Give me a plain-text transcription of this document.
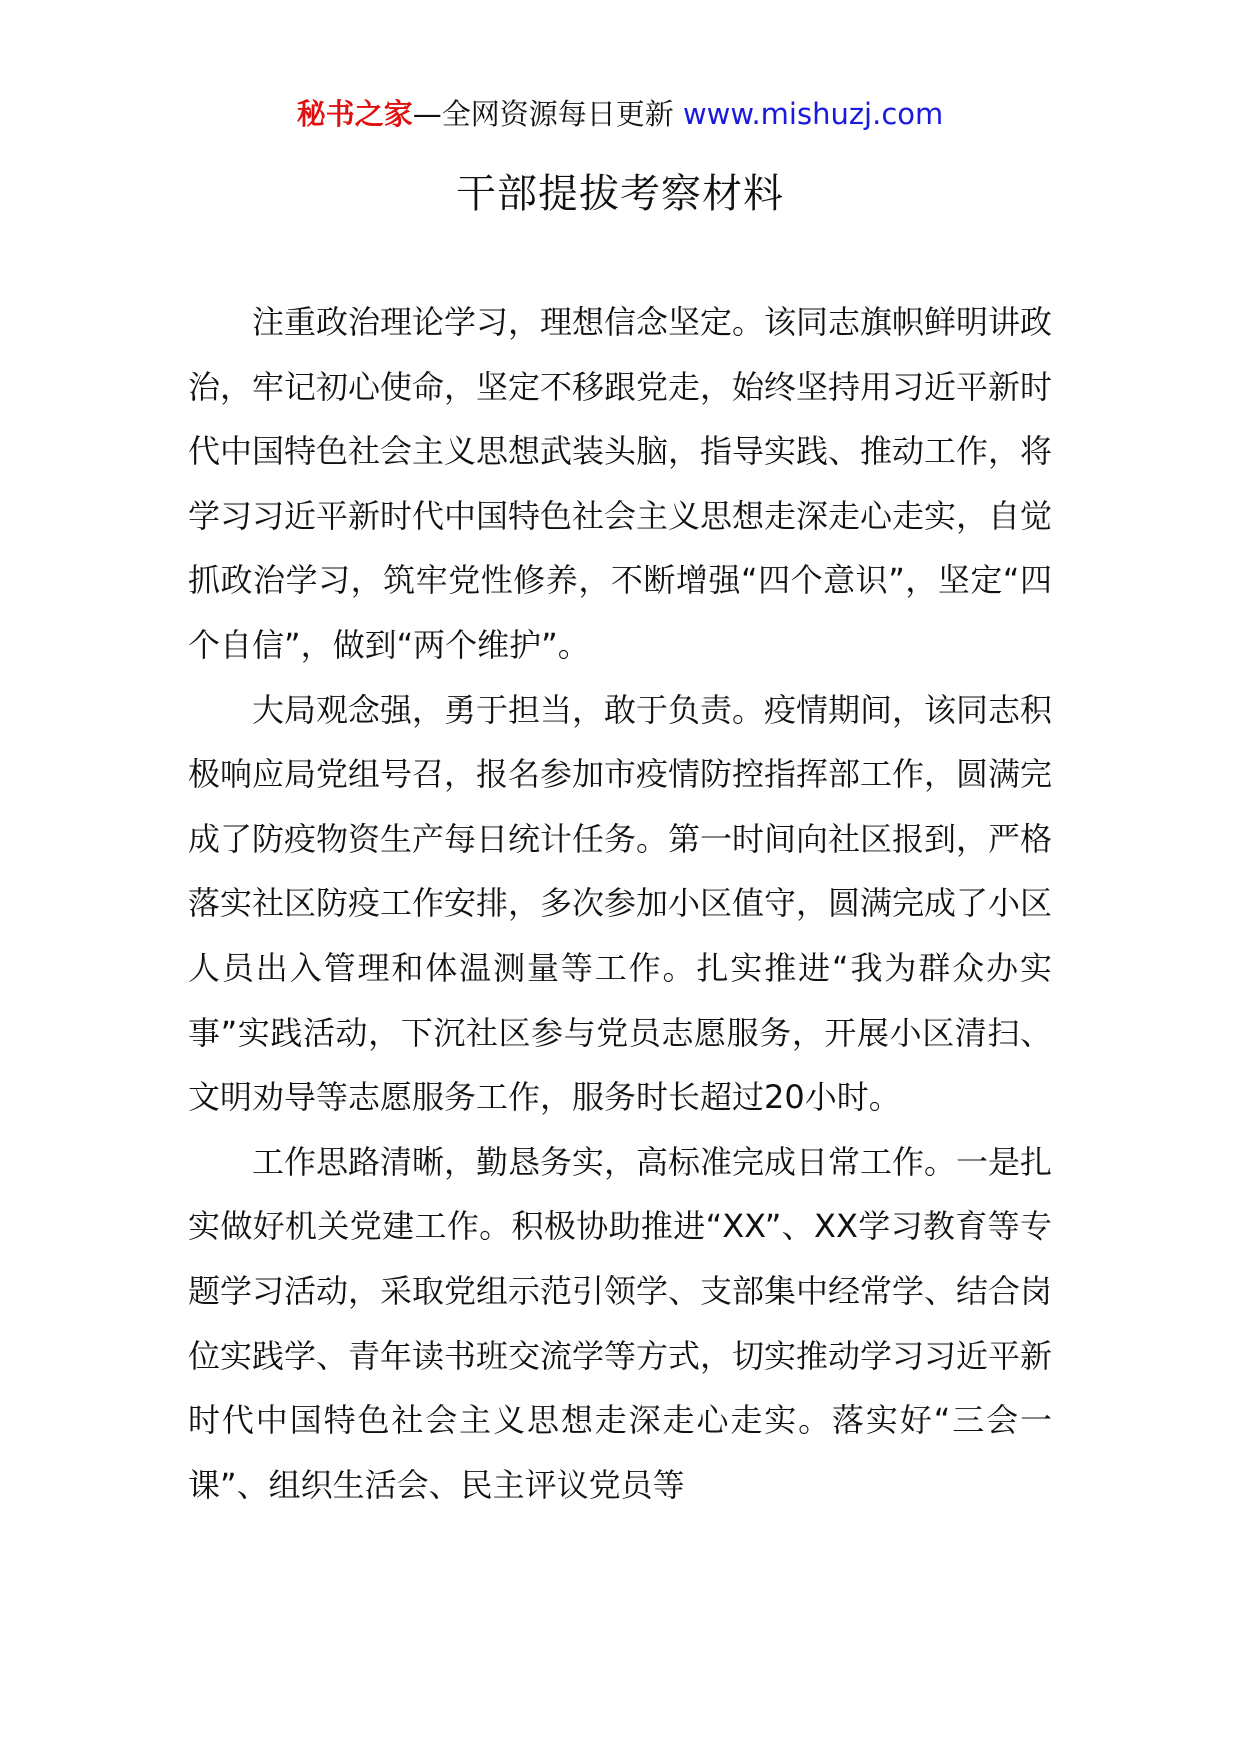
秘书之家—全网资源每日更新 www.mishuzj.com
干部提拔考察材料

注重政治理论学习，理想信念坚定。该同志旗帜鲜明讲政治，牢记初心使命，坚定不移跟党走，始终坚持用习近平新时代中国特色社会主义思想武装头脑，指导实践、推动工作，将学习习近平新时代中国特色社会主义思想走深走心走实，自觉抓政治学习，筑牢党性修养，不断增强“四个意识”，坚定“四个自信”，做到“两个维护”。

大局观念强，勇于担当，敢于负责。疫情期间，该同志积极响应局党组号召，报名参加市疫情防控指挥部工作，圆满完成了防疫物资生产每日统计任务。第一时间向社区报到，严格落实社区防疫工作安排，多次参加小区值守，圆满完成了小区人员出入管理和体温测量等工作。扎实推进“我为群众办实事”实践活动，下沉社区参与党员志愿服务，开展小区清扫、文明劝导等志愿服务工作，服务时长超过20小时。

工作思路清晰，勤恳务实，高标准完成日常工作。一是扎实做好机关党建工作。积极协助推进“XX”、XX学习教育等专题学习活动，采取党组示范引领学、支部集中经常学、结合岗位实践学、青年读书班交流学等方式，切实推动学习习近平新时代中国特色社会主义思想走深走心走实。落实好“三会一课”、组织生活会、民主评议党员等
